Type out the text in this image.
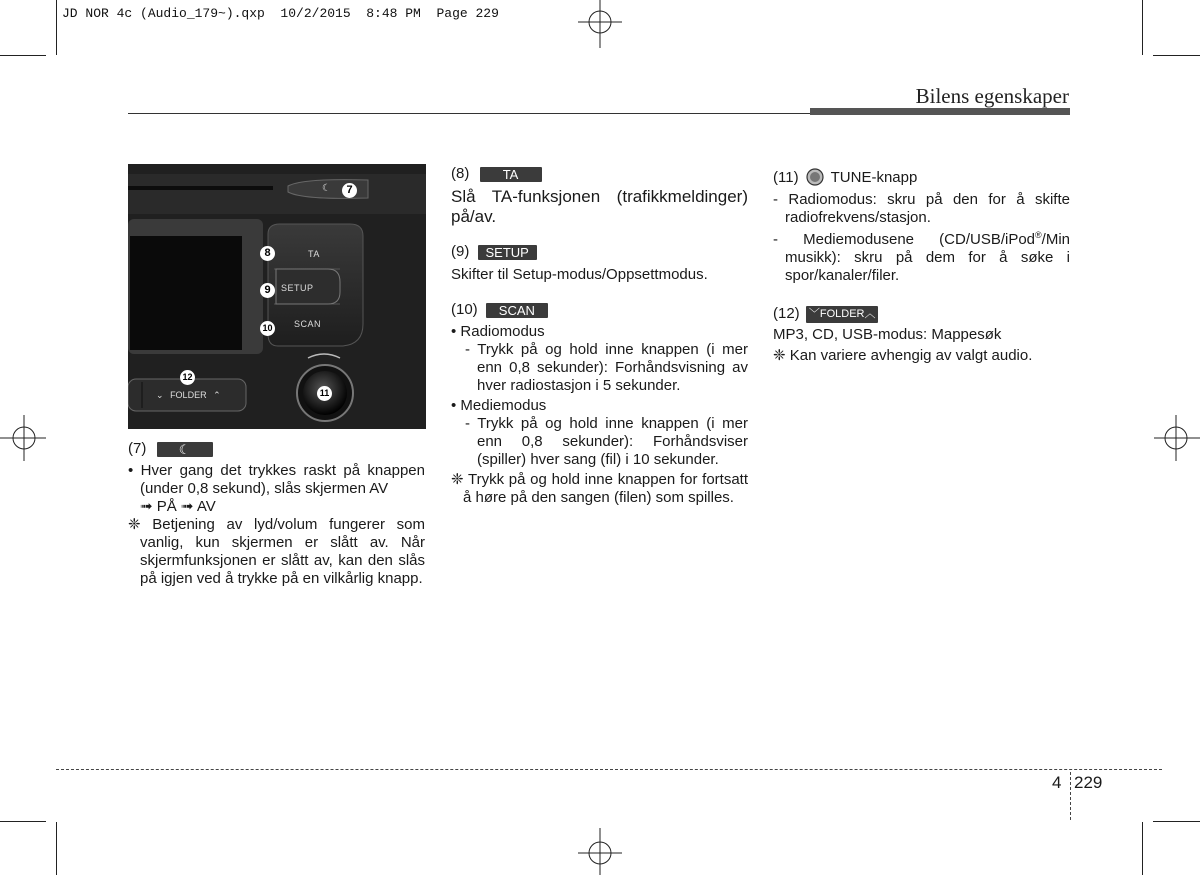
JD NOR 4c (Audio_179~).qxp  10/2/2015  8:48 PM  Page 229
Bilens egenskaper
☾
TA
SETUP
SCAN
⌄ FOLDER ⌃
7
8
9
10
11
12

(7) ☾

• Hver gang det trykkes raskt på knappen (under 0,8 sekund), slås skjermen AV

➟ PÅ ➟ AV

❈ Betjening av lyd/volum fungerer som vanlig, kun skjermen er slått av. Når skjermfunksjonen er slått av, kan den slås på igjen ved å trykke på en vilkårlig knapp.

(8)	TA

Slå TA-funksjonen (trafikkmeldinger) på/av.

(9) SETUP

Skifter til Setup-modus/Oppsettmodus.

(10) SCAN

• Radiomodus

- Trykk på og hold inne knappen (i mer enn 0,8 sekunder): Forhåndsvisning av hver radiostasjon i 5 sekunder.

• Mediemodus

- Trykk på og hold inne knappen (i mer enn 0,8 sekunder): Forhåndsviser (spiller) hver sang (fil) i 10 sekunder.

❈ Trykk på og hold inne knappen for fortsatt å høre på den sangen (filen) som spilles.

(11) TUNE-knapp

- Radiomodus: skru på den for å skifte radiofrekvens/stasjon.

- Mediemodusene (CD/USB/iPod®/Min musikk): skru på dem for å søke i spor/kanaler/filer.

(12) ﹀FOLDER︿

MP3, CD, USB-modus: Mappesøk

❈ Kan variere avhengig av valgt audio.

4 229
